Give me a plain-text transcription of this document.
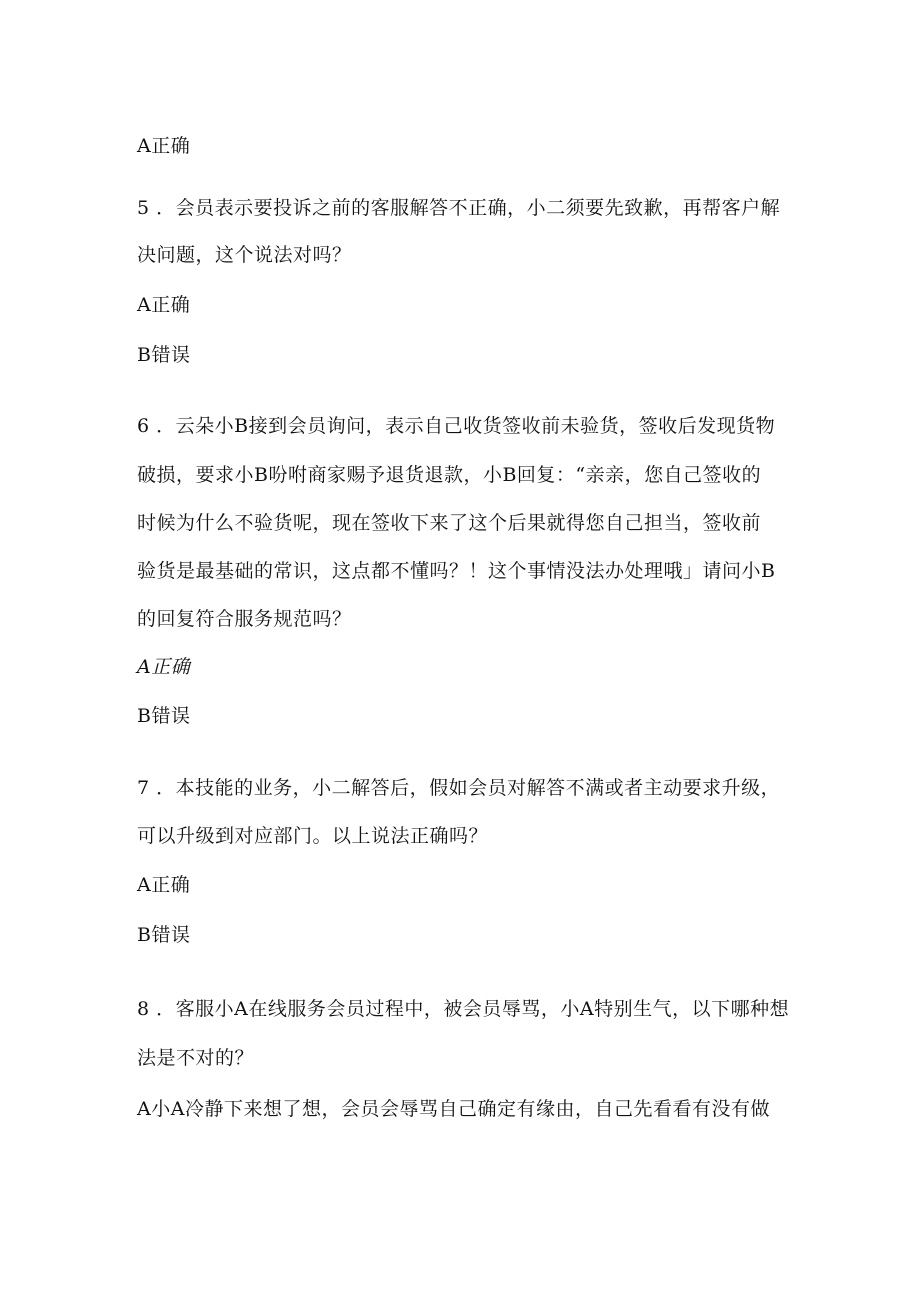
A正确
5 ．会员表示要投诉之前的客服解答不正确，小二须要先致歉，再帮客户解
决问题，这个说法对吗？
A正确
B错误
6 ．云朵小B接到会员询问，表示自己收货签收前未验货，签收后发现货物
破损，要求小B吩咐商家赐予退货退款，小B回复：“亲亲，您自己签收的
时候为什么不验货呢，现在签收下来了这个后果就得您自己担当，签收前
验货是最基础的常识，这点都不懂吗？！这个事情没法办处理哦」请问小B
的回复符合服务规范吗？
A正确
B错误
7 ．本技能的业务，小二解答后，假如会员对解答不满或者主动要求升级，
可以升级到对应部门。以上说法正确吗？
A正确
B错误
8 ．客服小A在线服务会员过程中，被会员辱骂，小A特别生气，以下哪种想
法是不对的？
A小A冷静下来想了想，会员会辱骂自己确定有缘由，自己先看看有没有做
